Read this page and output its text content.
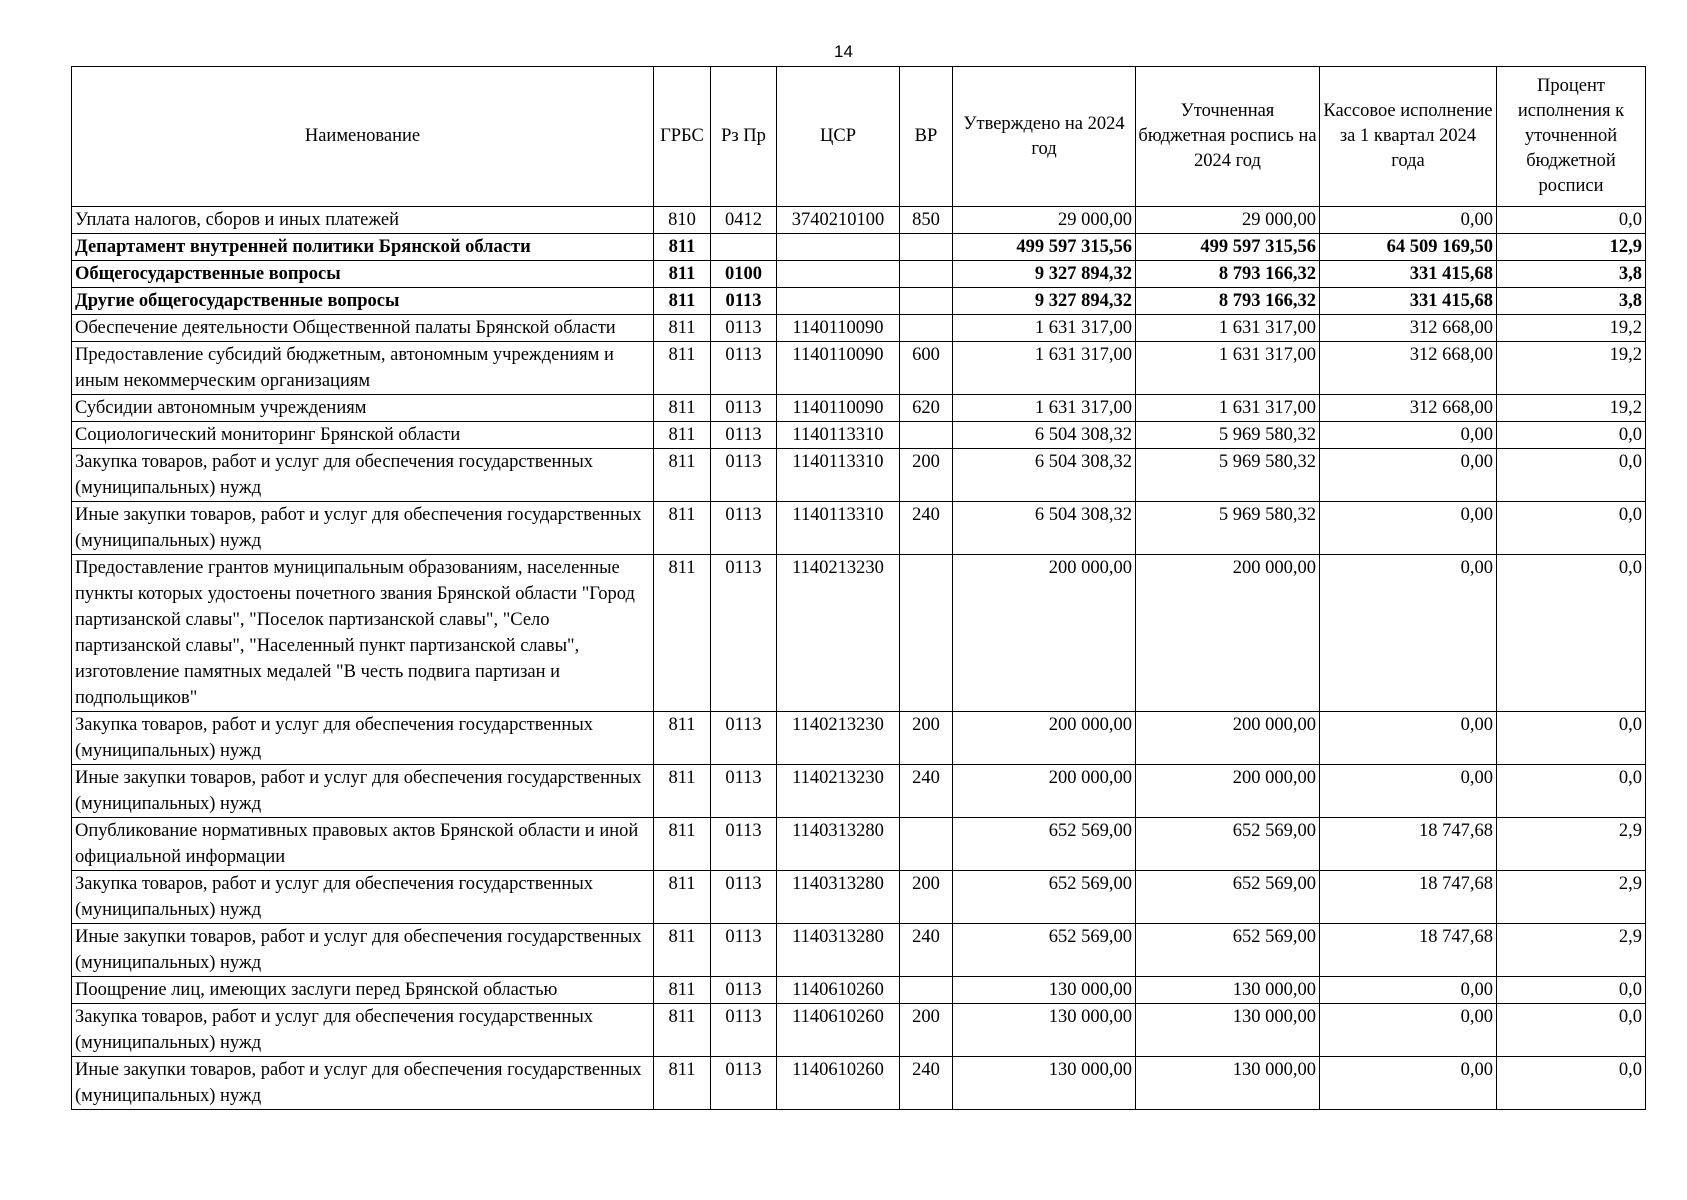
14
Наименование	ГРБС	Рз Пр	ЦСР	ВР	Утверждено на 2024 год	Уточненная бюджетная роспись на 2024 год	Кассовое исполнение за 1 квартал 2024 года	Процент исполнения к уточненной бюджетной росписи
Уплата налогов, сборов и иных платежей	810	0412	3740210100	850	29 000,00	29 000,00	0,00	0,0
Департамент внутренней политики Брянской области	811				499 597 315,56	499 597 315,56	64 509 169,50	12,9
Общегосударственные вопросы	811	0100			9 327 894,32	8 793 166,32	331 415,68	3,8
Другие общегосударственные вопросы	811	0113			9 327 894,32	8 793 166,32	331 415,68	3,8
Обеспечение деятельности Общественной палаты Брянской области	811	0113	1140110090		1 631 317,00	1 631 317,00	312 668,00	19,2
Предоставление субсидий бюджетным, автономным учреждениям и иным некоммерческим организациям	811	0113	1140110090	600	1 631 317,00	1 631 317,00	312 668,00	19,2
Субсидии автономным учреждениям	811	0113	1140110090	620	1 631 317,00	1 631 317,00	312 668,00	19,2
Социологический мониторинг Брянской области	811	0113	1140113310		6 504 308,32	5 969 580,32	0,00	0,0
Закупка товаров, работ и услуг для обеспечения государственных (муниципальных) нужд	811	0113	1140113310	200	6 504 308,32	5 969 580,32	0,00	0,0
Иные закупки товаров, работ и услуг для обеспечения государственных (муниципальных) нужд	811	0113	1140113310	240	6 504 308,32	5 969 580,32	0,00	0,0
Предоставление грантов муниципальным образованиям, населенные пункты которых удостоены почетного звания Брянской области "Город партизанской славы", "Поселок партизанской славы", "Село партизанской славы", "Населенный пункт партизанской славы", изготовление памятных медалей "В честь подвига партизан и подпольщиков"	811	0113	1140213230		200 000,00	200 000,00	0,00	0,0
Закупка товаров, работ и услуг для обеспечения государственных (муниципальных) нужд	811	0113	1140213230	200	200 000,00	200 000,00	0,00	0,0
Иные закупки товаров, работ и услуг для обеспечения государственных (муниципальных) нужд	811	0113	1140213230	240	200 000,00	200 000,00	0,00	0,0
Опубликование нормативных правовых актов Брянской области и иной официальной информации	811	0113	1140313280		652 569,00	652 569,00	18 747,68	2,9
Закупка товаров, работ и услуг для обеспечения государственных (муниципальных) нужд	811	0113	1140313280	200	652 569,00	652 569,00	18 747,68	2,9
Иные закупки товаров, работ и услуг для обеспечения государственных (муниципальных) нужд	811	0113	1140313280	240	652 569,00	652 569,00	18 747,68	2,9
Поощрение лиц, имеющих заслуги перед Брянской областью	811	0113	1140610260		130 000,00	130 000,00	0,00	0,0
Закупка товаров, работ и услуг для обеспечения государственных (муниципальных) нужд	811	0113	1140610260	200	130 000,00	130 000,00	0,00	0,0
Иные закупки товаров, работ и услуг для обеспечения государственных (муниципальных) нужд	811	0113	1140610260	240	130 000,00	130 000,00	0,00	0,0
